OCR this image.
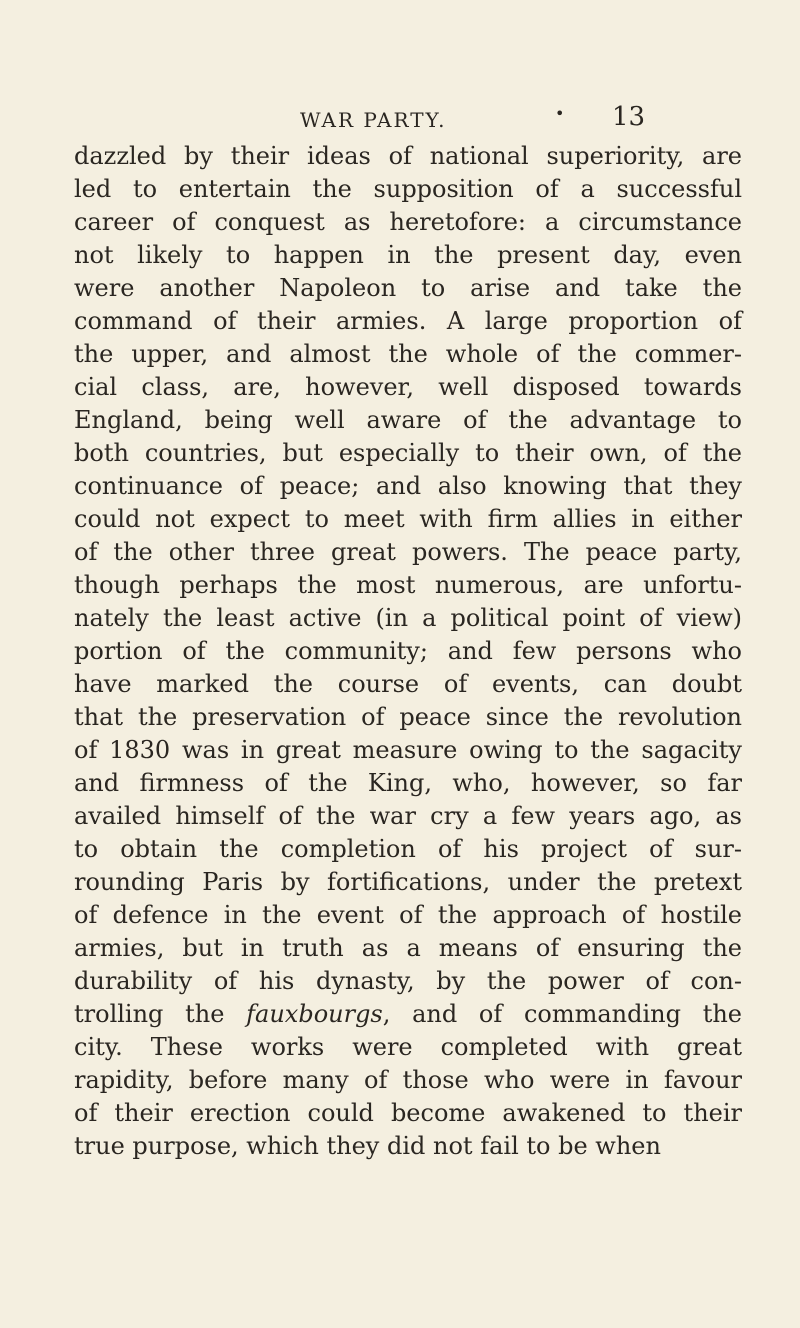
WAR PARTY.	• 13
dazzled by their ideas of national superiority, are
led to entertain the supposition of a successful
career of conquest as heretofore: a circumstance
not likely to happen in the present day, even
were another Napoleon to arise and take the
command of their armies. A large proportion of
the upper, and almost the whole of the commer-
cial class, are, however, well disposed towards
England, being well aware of the advantage to
both countries, but especially to their own, of the
continuance of peace; and also knowing that they
could not expect to meet with firm allies in either
of the other three great powers. The peace party,
though perhaps the most numerous, are unfortu-
nately the least active (in a political point of view)
portion of the community; and few persons who
have marked the course of events, can doubt
that the preservation of peace since the revolution
of 1830 was in great measure owing to the sagacity
and firmness of the King, who, however, so far
availed himself of the war cry a few years ago, as
to obtain the completion of his project of sur-
rounding Paris by fortifications, under the pretext
of defence in the event of the approach of hostile
armies, but in truth as a means of ensuring the
durability of his dynasty, by the power of con-
trolling the fauxbourgs, and of commanding the
city. These works were completed with great
rapidity, before many of those who were in favour
of their erection could become awakened to their
true purpose, which they did not fail to be when
